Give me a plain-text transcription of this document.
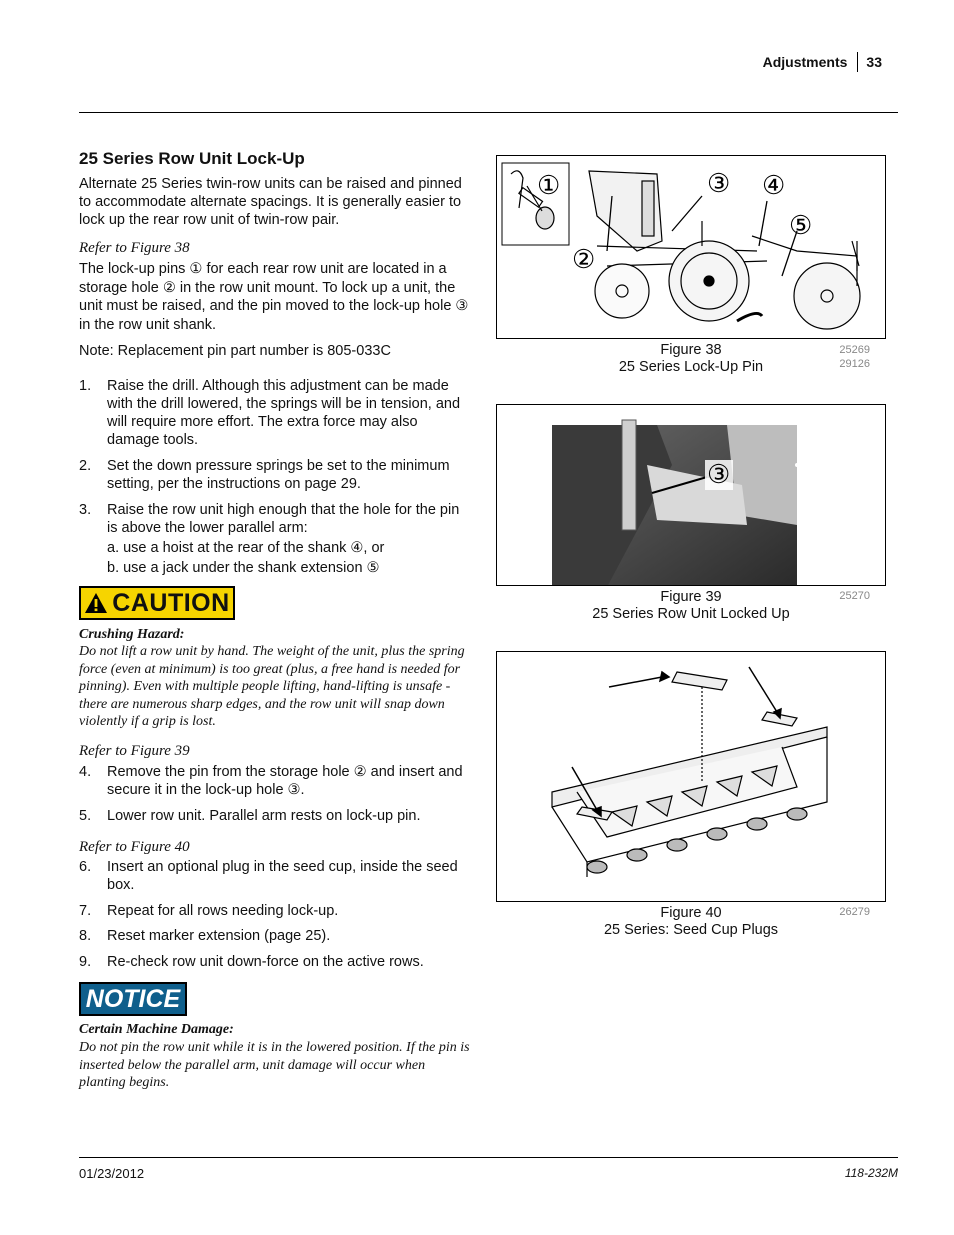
Adjustments 33
25 Series Row Unit Lock-Up

Alternate 25 Series twin-row units can be raised and pinned to accommodate alternate spacings. It is generally easier to lock up the rear row unit of twin-row pair.

Refer to Figure 38

The lock-up pins ① for each rear row unit are located in a storage hole ② in the row unit mount. To lock up a unit, the unit must be raised, and the pin moved to the lock-up hole ③ in the row unit shank.

Note: Replacement pin part number is 805-033C

1.	Raise the drill. Although this adjustment can be made with the drill lowered, the springs will be in tension, and will require more effort. The extra force may also damage tools.
2.	Set the down pressure springs be set to the minimum setting, per the instructions on page 29.
3.	Raise the row unit high enough that the hole for the pin is above the lower parallel arm:
a. use a hoist at the rear of the shank ④, or
b. use a jack under the shank extension ⑤
CAUTION

Crushing Hazard:

Do not lift a row unit by hand. The weight of the unit, plus the spring force (even at minimum) is too great (plus, a free hand is needed for pinning). Even with multiple people lifting, hand-lifting is unsafe - there are numerous sharp edges, and the row unit will snap down violently if a grip is lost.

Refer to Figure 39

4.	Remove the pin from the storage hole ② and insert and secure it in the lock-up hole ③.
5.	Lower row unit. Parallel arm rests on lock-up pin.

Refer to Figure 40

6.	Insert an optional plug in the seed cup, inside the seed box.
7.	Repeat for all rows needing lock-up.
8.	Reset marker extension (page 25).
9.	Re-check row unit down-force on the active rows.
NOTICE

Certain Machine Damage:

Do not pin the row unit while it is in the lowered position. If the pin is inserted below the parallel arm, unit damage will occur when planting begins.

①
②
③ ④
⑤
Figure 38
25 Series Lock-Up Pin
25269
29126
③
Figure 39
25 Series Row Unit Locked Up
25270
Figure 40
25 Series: Seed Cup Plugs
26279
01/23/2012	118-232M
